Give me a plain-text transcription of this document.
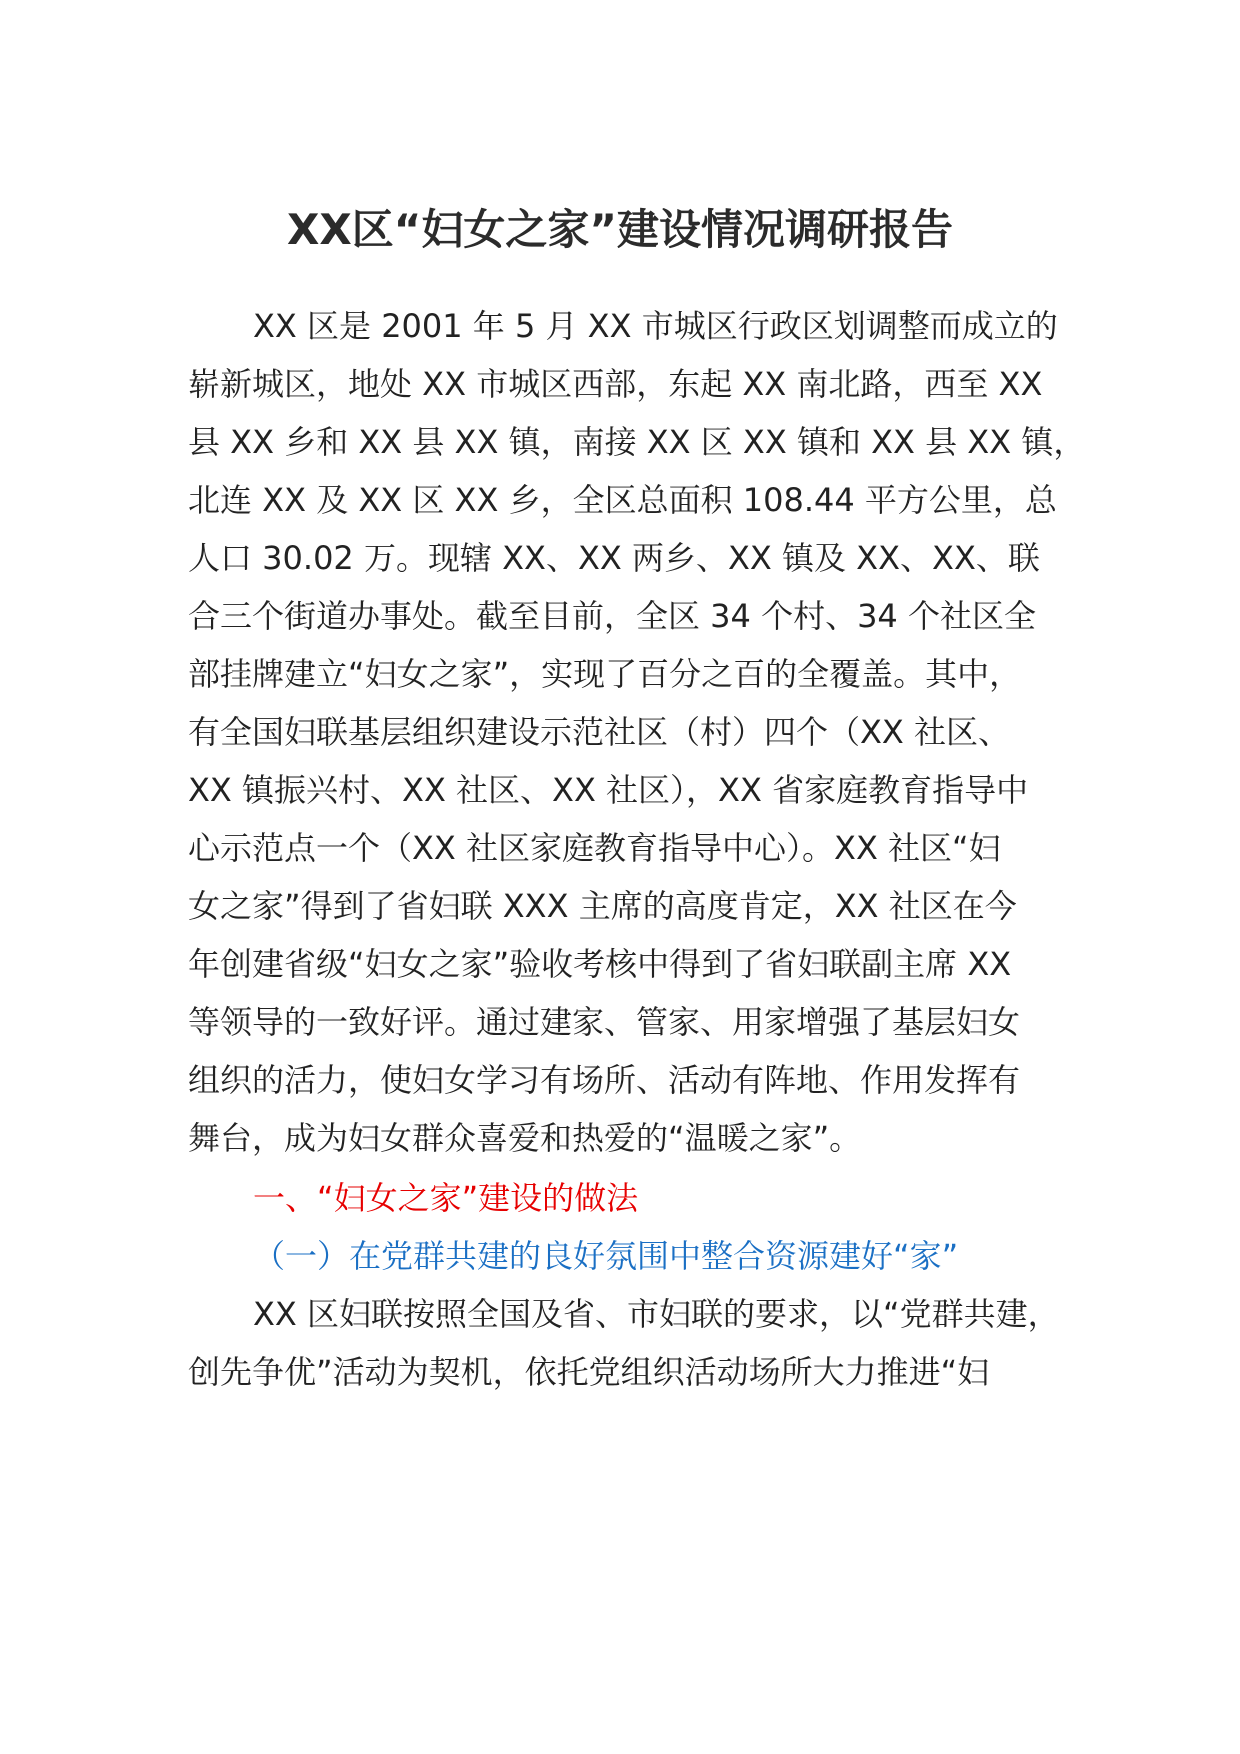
XX区“妇女之家”建设情况调研报告

XX 区是 2001 年 5 月 XX 市城区行政区划调整而成立的

崭新城区，地处 XX 市城区西部，东起 XX 南北路，西至 XX

县 XX 乡和 XX 县 XX 镇，南接 XX 区 XX 镇和 XX 县 XX 镇，

北连 XX 及 XX 区 XX 乡，全区总面积 108.44 平方公里，总

人口 30.02 万。现辖 XX、XX 两乡、XX 镇及 XX、XX、联

合三个街道办事处。截至目前，全区 34 个村、34 个社区全

部挂牌建立“妇女之家”，实现了百分之百的全覆盖。其中，

有全国妇联基层组织建设示范社区（村）四个（XX 社区、

XX 镇振兴村、XX 社区、XX 社区），XX 省家庭教育指导中

心示范点一个（XX 社区家庭教育指导中心）。XX 社区“妇

女之家”得到了省妇联 XXX 主席的高度肯定，XX 社区在今

年创建省级“妇女之家”验收考核中得到了省妇联副主席 XX

等领导的一致好评。通过建家、管家、用家增强了基层妇女

组织的活力，使妇女学习有场所、活动有阵地、作用发挥有

舞台，成为妇女群众喜爱和热爱的“温暖之家”。

一、“妇女之家”建设的做法

（一）在党群共建的良好氛围中整合资源建好“家”

XX 区妇联按照全国及省、市妇联的要求，以“党群共建，

创先争优”活动为契机，依托党组织活动场所大力推进“妇
